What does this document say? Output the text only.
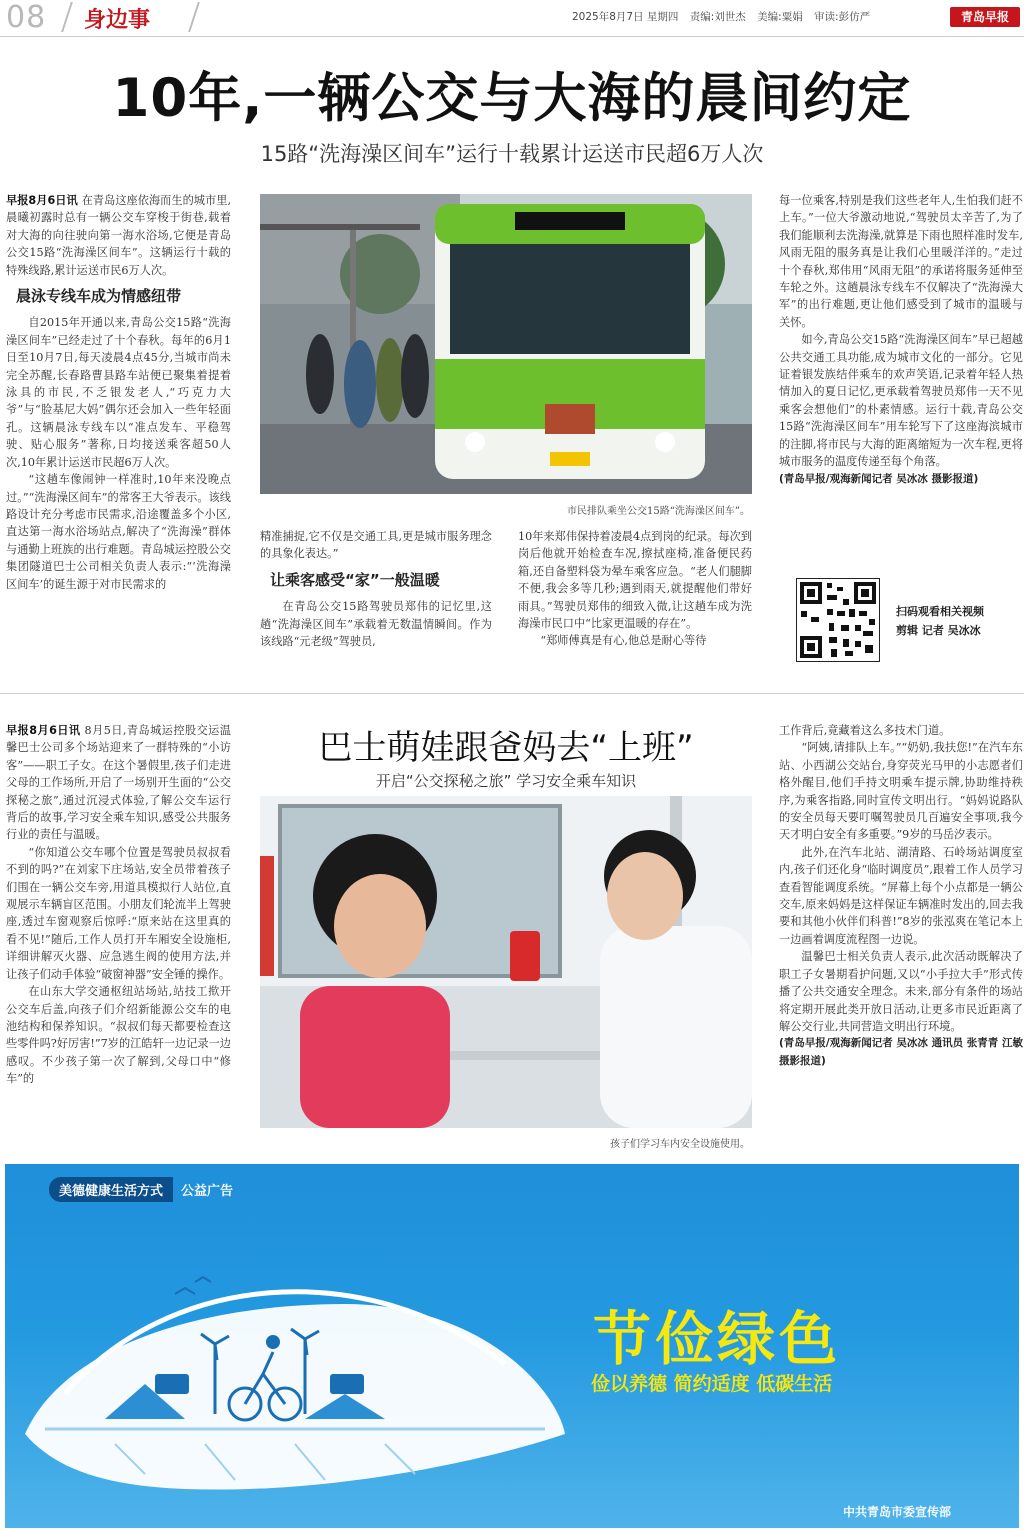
08 身边事	2025年8月7日 星期四 责编:刘世杰 美编:粟娟 审读:彭仿严	青岛早报
10年,一辆公交与大海的晨间约定
15路“洗海澡区间车”运行十载累计运送市民超6万人次

早报8月6日讯 在青岛这座依海而生的城市里,晨曦初露时总有一辆公交车穿梭于街巷,载着对大海的向往驶向第一海水浴场,它便是青岛公交15路“洗海澡区间车”。这辆运行十载的特殊线路,累计运送市民6万人次。

晨泳专线车成为情感纽带

自2015年开通以来,青岛公交15路“洗海澡区间车”已经走过了十个春秋。每年的6月1日至10月7日,每天凌晨4点45分,当城市尚未完全苏醒,长春路曹县路车站便已聚集着提着泳具的市民,不乏银发老人,“巧克力大爷”与“脸基尼大妈”偶尔还会加入一些年轻面孔。这辆晨泳专线车以“准点发车、平稳驾驶、贴心服务”著称,日均接送乘客超50人次,10年累计运送市民超6万人次。

“这趟车像闹钟一样准时,10年来没晚点过。”“洗海澡区间车”的常客王大爷表示。该线路设计充分考虑市民需求,沿途覆盖多个小区,直达第一海水浴场站点,解决了“洗海澡”群体与通勤上班族的出行难题。青岛城运控股公交集团隧道巴士公司相关负责人表示:“‘洗海澡区间车’的诞生源于对市民需求的

市民排队乘坐公交15路“洗海澡区间车”。

精准捕捉,它不仅是交通工具,更是城市服务理念的具象化表达。”

让乘客感受“家”一般温暖

在青岛公交15路驾驶员郑伟的记忆里,这趟“洗海澡区间车”承载着无数温情瞬间。作为该线路“元老级”驾驶员,

10年来郑伟保持着凌晨4点到岗的纪录。每次到岗后他就开始检查车况,擦拭座椅,准备便民药箱,还自备塑料袋为晕车乘客应急。“老人们腿脚不便,我会多等几秒;遇到雨天,就提醒他们带好雨具。”驾驶员郑伟的细致入微,让这趟车成为洗海澡市民口中“比家更温暖的存在”。

“郑师傅真是有心,他总是耐心等待

每一位乘客,特别是我们这些老年人,生怕我们赶不上车。”一位大爷激动地说,“驾驶员太辛苦了,为了我们能顺利去洗海澡,就算是下雨也照样准时发车,风雨无阻的服务真是让我们心里暖洋洋的。”走过十个春秋,郑伟用“风雨无阻”的承诺将服务延伸至车轮之外。这趟晨泳专线车不仅解决了“洗海澡大军”的出行难题,更让他们感受到了城市的温暖与关怀。

如今,青岛公交15路“洗海澡区间车”早已超越公共交通工具功能,成为城市文化的一部分。它见证着银发族结伴乘车的欢声笑语,记录着年轻人热情加入的夏日记忆,更承载着驾驶员郑伟一天不见乘客会想他们”的朴素情感。运行十载,青岛公交15路“洗海澡区间车”用车轮写下了这座海滨城市的注脚,将市民与大海的距离缩短为一次车程,更将城市服务的温度传递至每个角落。

(青岛早报/观海新闻记者 吴冰冰 摄影报道)

扫码观看相关视频
剪辑 记者 吴冰冰

早报8月6日讯 8月5日,青岛城运控股交运温馨巴士公司多个场站迎来了一群特殊的“小访客”——职工子女。在这个暑假里,孩子们走进父母的工作场所,开启了一场别开生面的“公交探秘之旅”,通过沉浸式体验,了解公交车运行背后的故事,学习安全乘车知识,感受公共服务行业的责任与温暖。

“你知道公交车哪个位置是驾驶员叔叔看不到的吗?”在刘家下庄场站,安全员带着孩子们围在一辆公交车旁,用道具模拟行人站位,直观展示车辆盲区范围。小朋友们轮流半上驾驶座,透过车窗观察后惊呼:“原来站在这里真的看不见!”随后,工作人员打开车厢安全设施柜,详细讲解灭火器、应急逃生阀的使用方法,并让孩子们动手体验“破窗神器”安全锤的操作。

在山东大学交通枢纽站场站,站技工揿开公交车后盖,向孩子们介绍新能源公交车的电池结构和保养知识。“叔叔们每天都要检查这些零件吗?好厉害!”7岁的江皓轩一边记录一边感叹。不少孩子第一次了解到,父母口中“修车”的

巴士萌娃跟爸妈去“上班”
开启“公交探秘之旅” 学习安全乘车知识
孩子们学习车内安全设施使用。

工作背后,竟藏着这么多技术门道。

“阿姨,请排队上车。”“奶奶,我扶您!”在汽车东站、小西湖公交站台,身穿荧光马甲的小志愿者们格外醒目,他们手持文明乘车提示牌,协助维持秩序,为乘客指路,同时宣传文明出行。“妈妈说路队的安全员每天要叮嘱驾驶员几百遍安全事项,我今天才明白安全有多重要。”9岁的马岳汐表示。

此外,在汽车北站、湖清路、石岭场站调度室内,孩子们还化身“临时调度员”,跟着工作人员学习查看智能调度系统。“屏幕上每个小点都是一辆公交车,原来妈妈是这样保证车辆准时发出的,回去我要和其他小伙伴们科普!”8岁的张泓爽在笔记本上一边画着调度流程图一边说。

温馨巴士相关负责人表示,此次活动既解决了职工子女暑期看护问题,又以“小手拉大手”形式传播了公共交通安全理念。未来,部分有条件的场站将定期开展此类开放日活动,让更多市民近距离了解公交行业,共同营造文明出行环境。

(青岛早报/观海新闻记者 吴冰冰 通讯员 张青青 江敏 摄影报道)

美德健康生活方式	公益广告
节俭绿色
俭以养德 简约适度 低碳生活
中共青岛市委宣传部
